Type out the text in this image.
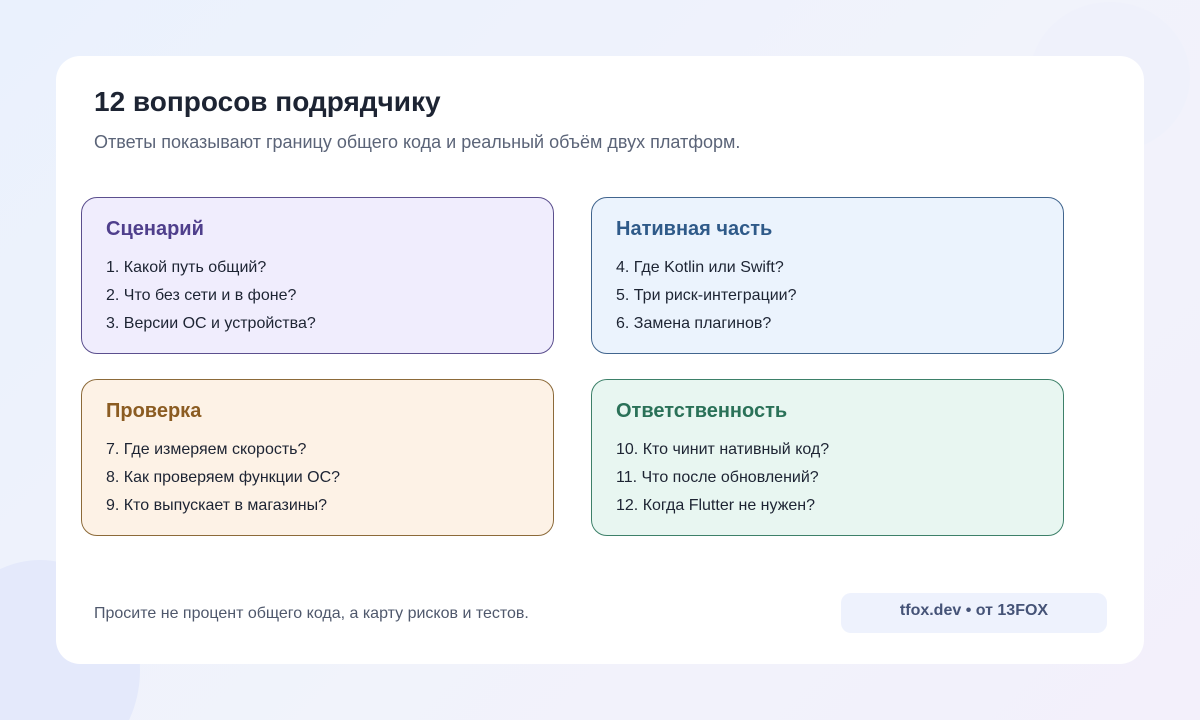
12 вопросов подрядчику

Ответы показывают границу общего кода и реальный объём двух платформ.

Сценарий
1. Какой путь общий?
2. Что без сети и в фоне?
3. Версии ОС и устройства?
Нативная часть
4. Где Kotlin или Swift?
5. Три риск-интеграции?
6. Замена плагинов?
Проверка
7. Где измеряем скорость?
8. Как проверяем функции ОС?
9. Кто выпускает в магазины?
Ответственность
10. Кто чинит нативный код?
11. Что после обновлений?
12. Когда Flutter не нужен?

Просите не процент общего кода, а карту рисков и тестов.	tfox.dev • от 13FOX
